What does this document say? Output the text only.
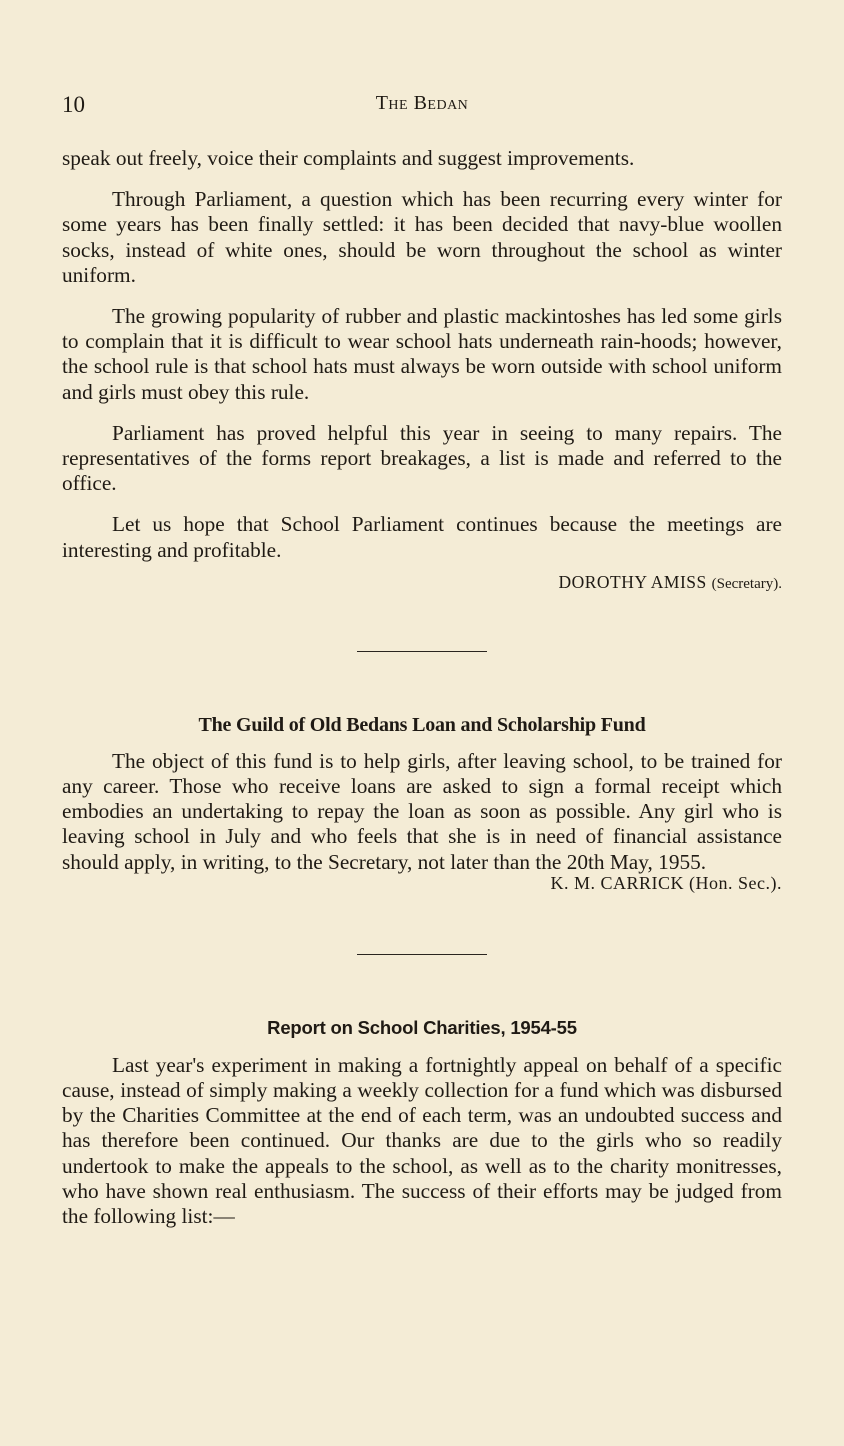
10	The Bedan

speak out freely, voice their complaints and suggest improvements.

Through Parliament, a question which has been recurring every winter for some years has been finally settled: it has been decided that navy-blue woollen socks, instead of white ones, should be worn throughout the school as winter uniform.

The growing popularity of rubber and plastic mackintoshes has led some girls to complain that it is difficult to wear school hats underneath rain-hoods; however, the school rule is that school hats must always be worn outside with school uniform and girls must obey this rule.

Parliament has proved helpful this year in seeing to many repairs. The representatives of the forms report breakages, a list is made and referred to the office.

Let us hope that School Parliament continues because the meetings are interesting and profitable.

DOROTHY AMISS (Secretary).
The Guild of Old Bedans Loan and Scholarship Fund

The object of this fund is to help girls, after leaving school, to be trained for any career. Those who receive loans are asked to sign a formal receipt which embodies an undertaking to repay the loan as soon as possible. Any girl who is leaving school in July and who feels that she is in need of financial assistance should apply, in writing, to the Secretary, not later than the 20th May, 1955.

K. M. CARRICK (Hon. Sec.).
Report on School Charities, 1954-55

Last year's experiment in making a fortnightly appeal on behalf of a specific cause, instead of simply making a weekly collection for a fund which was disbursed by the Charities Committee at the end of each term, was an undoubted success and has therefore been continued. Our thanks are due to the girls who so readily undertook to make the appeals to the school, as well as to the charity monitresses, who have shown real enthusiasm. The success of their efforts may be judged from the following list:—
